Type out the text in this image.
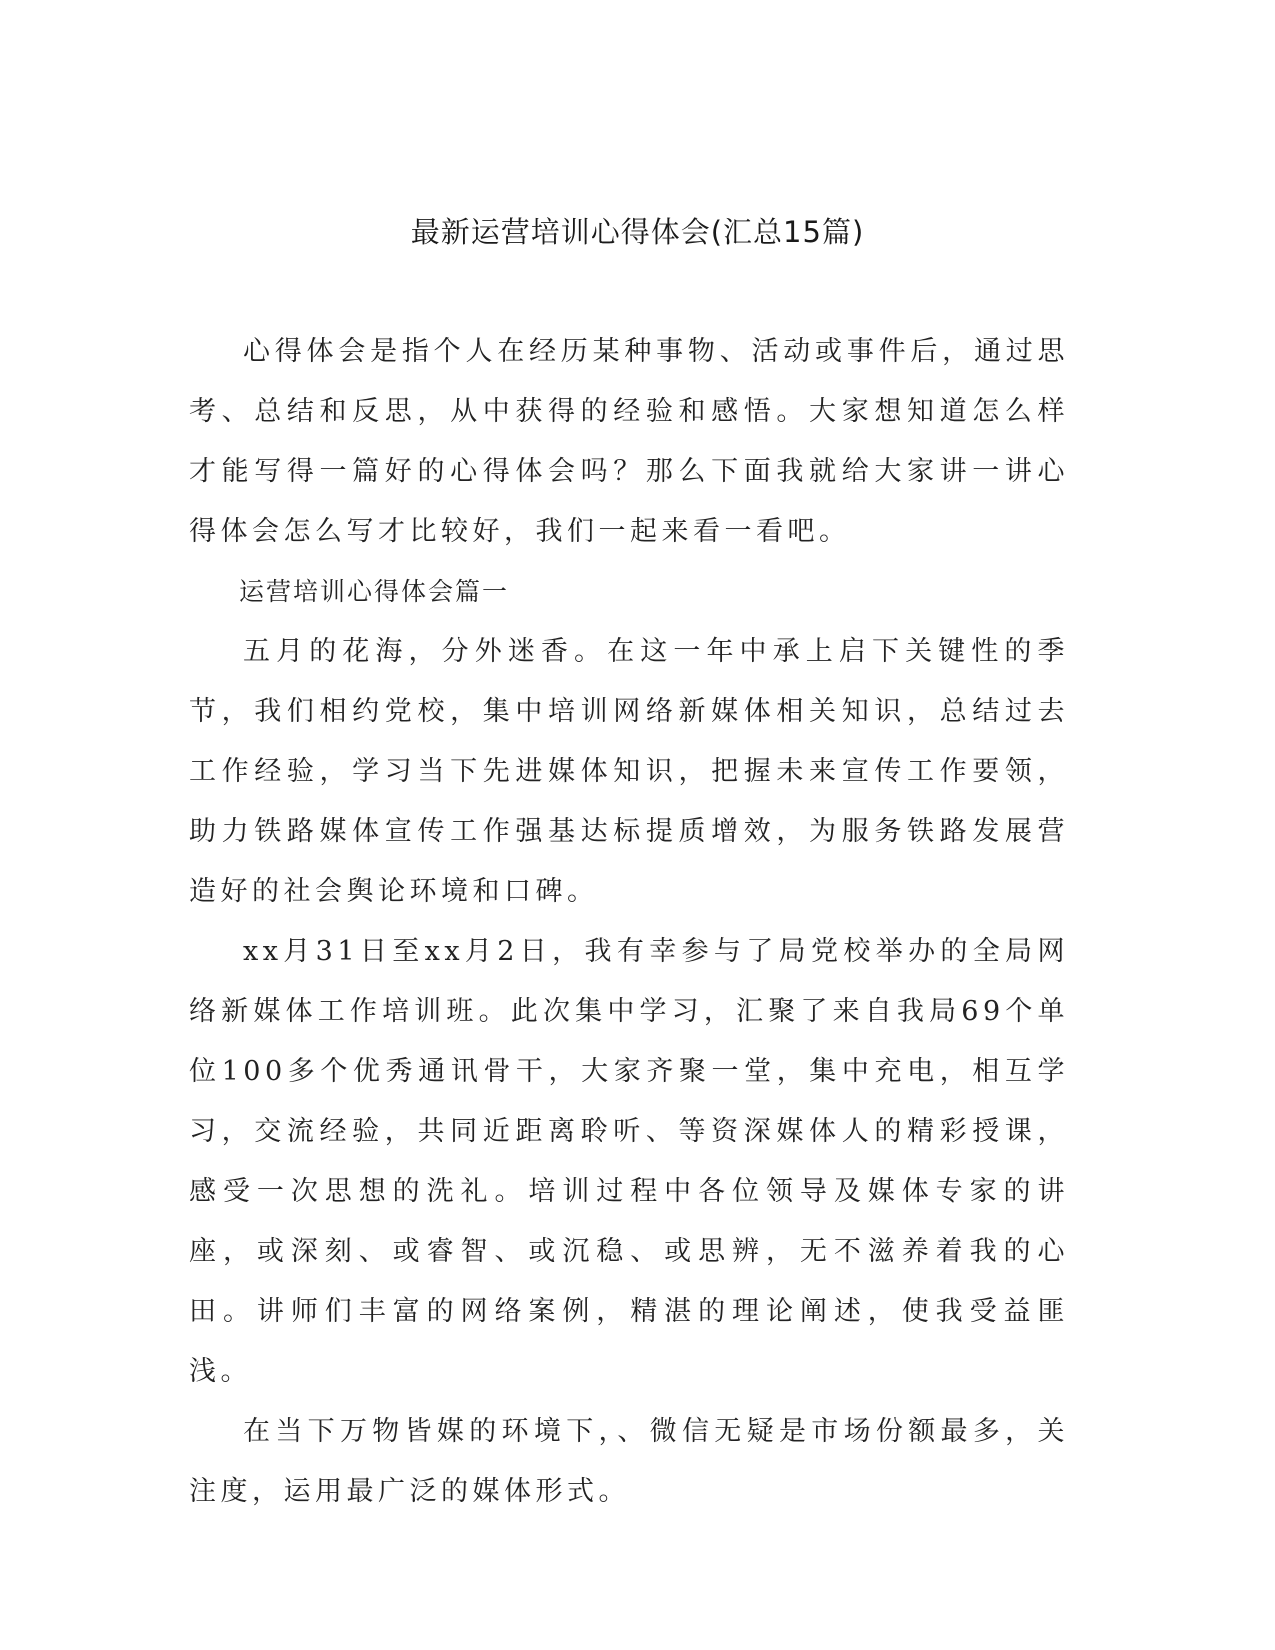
最新运营培训心得体会(汇总15篇)

心得体会是指个人在经历某种事物、活动或事件后，通过思考、总结和反思，从中获得的经验和感悟。大家想知道怎么样才能写得一篇好的心得体会吗？那么下面我就给大家讲一讲心得体会怎么写才比较好，我们一起来看一看吧。

运营培训心得体会篇一

五月的花海，分外迷香。在这一年中承上启下关键性的季节，我们相约党校，集中培训网络新媒体相关知识，总结过去工作经验，学习当下先进媒体知识，把握未来宣传工作要领，助力铁路媒体宣传工作强基达标提质增效，为服务铁路发展营造好的社会舆论环境和口碑。

xx月31日至xx月2日，我有幸参与了局党校举办的全局网络新媒体工作培训班。此次集中学习，汇聚了来自我局69个单位100多个优秀通讯骨干，大家齐聚一堂，集中充电，相互学习，交流经验，共同近距离聆听、等资深媒体人的精彩授课，感受一次思想的洗礼。培训过程中各位领导及媒体专家的讲座，或深刻、或睿智、或沉稳、或思辨，无不滋养着我的心田。讲师们丰富的网络案例，精湛的理论阐述，使我受益匪浅。

在当下万物皆媒的环境下，、微信无疑是市场份额最多，关注度，运用最广泛的媒体形式。
